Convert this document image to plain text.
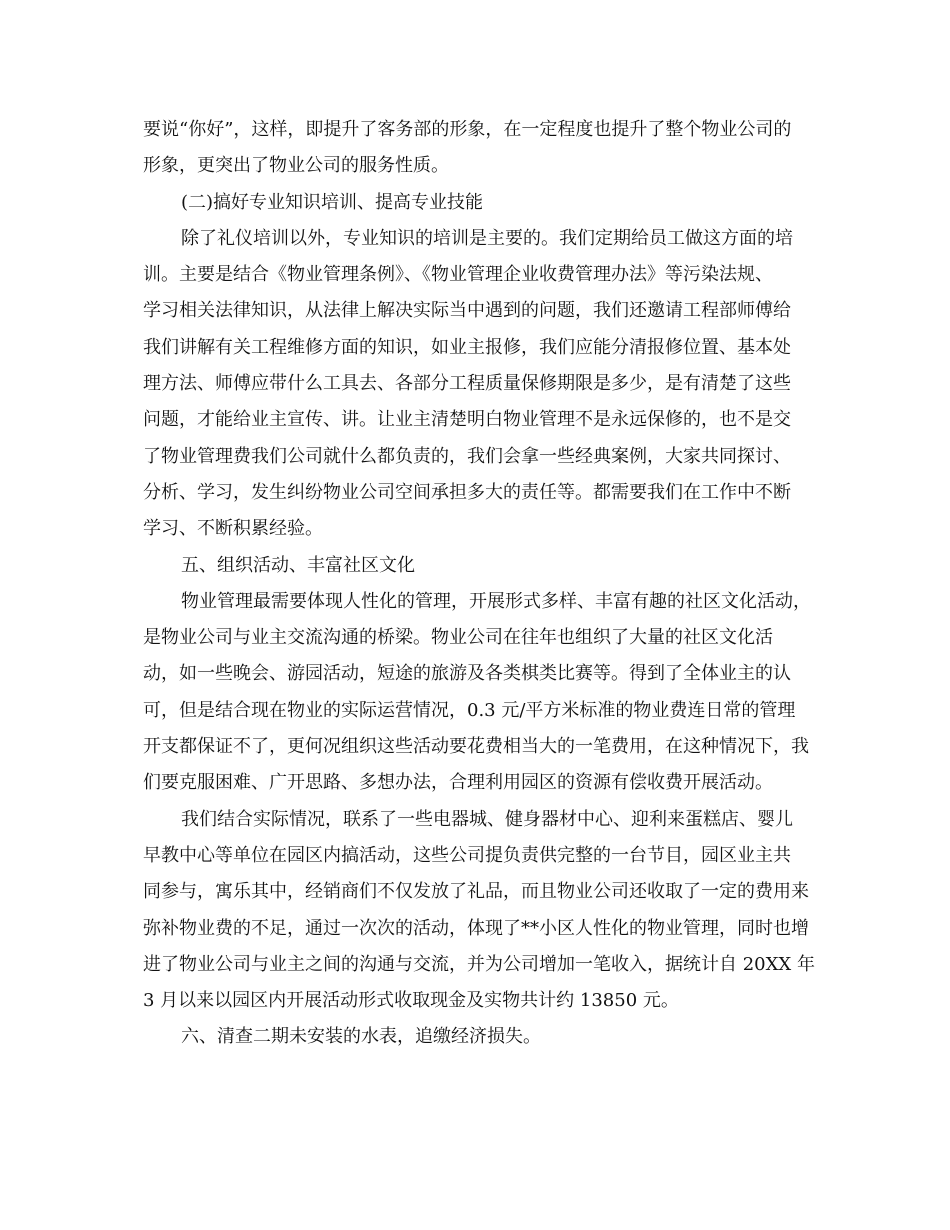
要说“你好”，这样，即提升了客务部的形象，在一定程度也提升了整个物业公司的
形象，更突出了物业公司的服务性质。
(二)搞好专业知识培训、提高专业技能
除了礼仪培训以外，专业知识的培训是主要的。我们定期给员工做这方面的培
训。主要是结合《物业管理条例》、《物业管理企业收费管理办法》等污染法规、
学习相关法律知识，从法律上解决实际当中遇到的问题，我们还邀请工程部师傅给
我们讲解有关工程维修方面的知识，如业主报修，我们应能分清报修位置、基本处
理方法、师傅应带什么工具去、各部分工程质量保修期限是多少，是有清楚了这些
问题，才能给业主宣传、讲。让业主清楚明白物业管理不是永远保修的，也不是交
了物业管理费我们公司就什么都负责的，我们会拿一些经典案例，大家共同探讨、
分析、学习，发生纠纷物业公司空间承担多大的责任等。都需要我们在工作中不断
学习、不断积累经验。
五、组织活动、丰富社区文化
物业管理最需要体现人性化的管理，开展形式多样、丰富有趣的社区文化活动，
是物业公司与业主交流沟通的桥梁。物业公司在往年也组织了大量的社区文化活
动，如一些晚会、游园活动，短途的旅游及各类棋类比赛等。得到了全体业主的认
可，但是结合现在物业的实际运营情况，0.3 元/平方米标准的物业费连日常的管理
开支都保证不了，更何况组织这些活动要花费相当大的一笔费用，在这种情况下，我
们要克服困难、广开思路、多想办法，合理利用园区的资源有偿收费开展活动。
我们结合实际情况，联系了一些电器城、健身器材中心、迎利来蛋糕店、婴儿
早教中心等单位在园区内搞活动，这些公司提负责供完整的一台节目，园区业主共
同参与，寓乐其中，经销商们不仅发放了礼品，而且物业公司还收取了一定的费用来
弥补物业费的不足，通过一次次的活动，体现了**小区人性化的物业管理，同时也增
进了物业公司与业主之间的沟通与交流，并为公司增加一笔收入，据统计自 20XX 年
3 月以来以园区内开展活动形式收取现金及实物共计约 13850 元。
六、清查二期未安装的水表，追缴经济损失。
